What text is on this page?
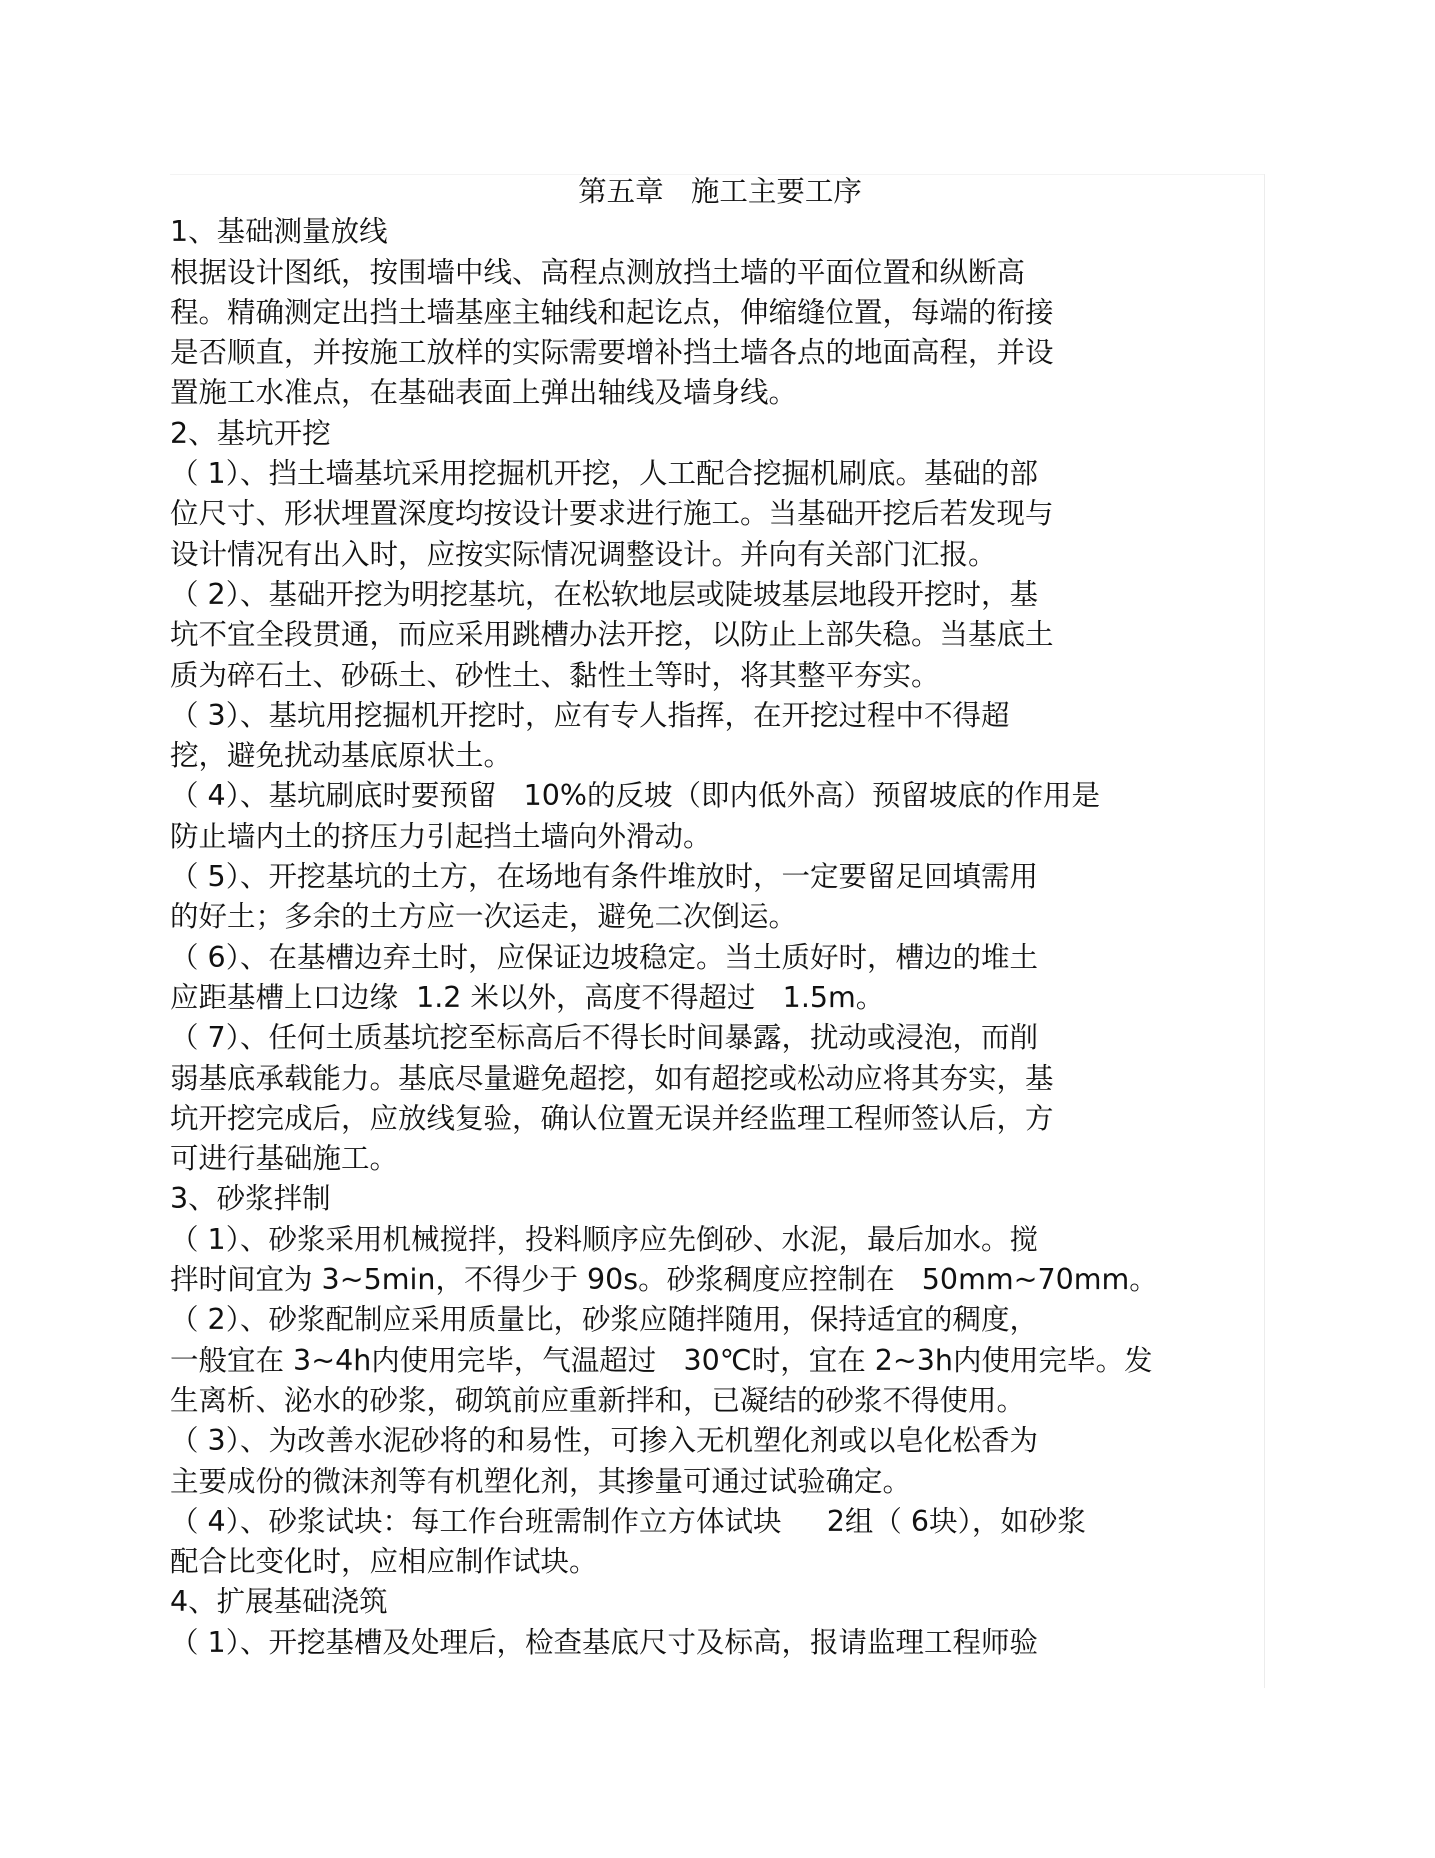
第五章   施工主要工序
1、基础测量放线
根据设计图纸，按围墙中线、高程点测放挡土墙的平面位置和纵断高
程。精确测定出挡土墙基座主轴线和起讫点，伸缩缝位置，每端的衔接
是否顺直，并按施工放样的实际需要增补挡土墙各点的地面高程，并设
置施工水准点，在基础表面上弹出轴线及墙身线。
2、基坑开挖
（ 1）、挡土墙基坑采用挖掘机开挖，人工配合挖掘机刷底。基础的部
位尺寸、形状埋置深度均按设计要求进行施工。当基础开挖后若发现与
设计情况有出入时，应按实际情况调整设计。并向有关部门汇报。
（ 2）、基础开挖为明挖基坑，在松软地层或陡坡基层地段开挖时，基
坑不宜全段贯通，而应采用跳槽办法开挖，以防止上部失稳。当基底土
质为碎石土、砂砾土、砂性土、黏性土等时，将其整平夯实。
（ 3）、基坑用挖掘机开挖时，应有专人指挥，在开挖过程中不得超
挖，避免扰动基底原状土。
（ 4）、基坑刷底时要预留   10%的反坡（即内低外高）预留坡底的作用是
防止墙内土的挤压力引起挡土墙向外滑动。
（ 5）、开挖基坑的土方，在场地有条件堆放时，一定要留足回填需用
的好土；多余的土方应一次运走，避免二次倒运。
（ 6）、在基槽边弃土时，应保证边坡稳定。当土质好时，槽边的堆土
应距基槽上口边缘  1.2 米以外，高度不得超过   1.5m。
（ 7）、任何土质基坑挖至标高后不得长时间暴露，扰动或浸泡，而削
弱基底承载能力。基底尽量避免超挖，如有超挖或松动应将其夯实，基
坑开挖完成后，应放线复验，确认位置无误并经监理工程师签认后，方
可进行基础施工。
3、砂浆拌制
（ 1）、砂浆采用机械搅拌，投料顺序应先倒砂、水泥，最后加水。搅
拌时间宜为 3~5min，不得少于 90s。砂浆稠度应控制在   50mm~70mm。
（ 2）、砂浆配制应采用质量比，砂浆应随拌随用，保持适宜的稠度，
一般宜在 3~4h内使用完毕，气温超过   30℃时，宜在 2~3h内使用完毕。发
生离析、泌水的砂浆，砌筑前应重新拌和，已凝结的砂浆不得使用。
（ 3）、为改善水泥砂将的和易性，可掺入无机塑化剂或以皂化松香为
主要成份的微沫剂等有机塑化剂，其掺量可通过试验确定。
（ 4）、砂浆试块：每工作台班需制作立方体试块     2组（ 6块），如砂浆
配合比变化时，应相应制作试块。
4、扩展基础浇筑
（ 1）、开挖基槽及处理后，检查基底尺寸及标高，报请监理工程师验
